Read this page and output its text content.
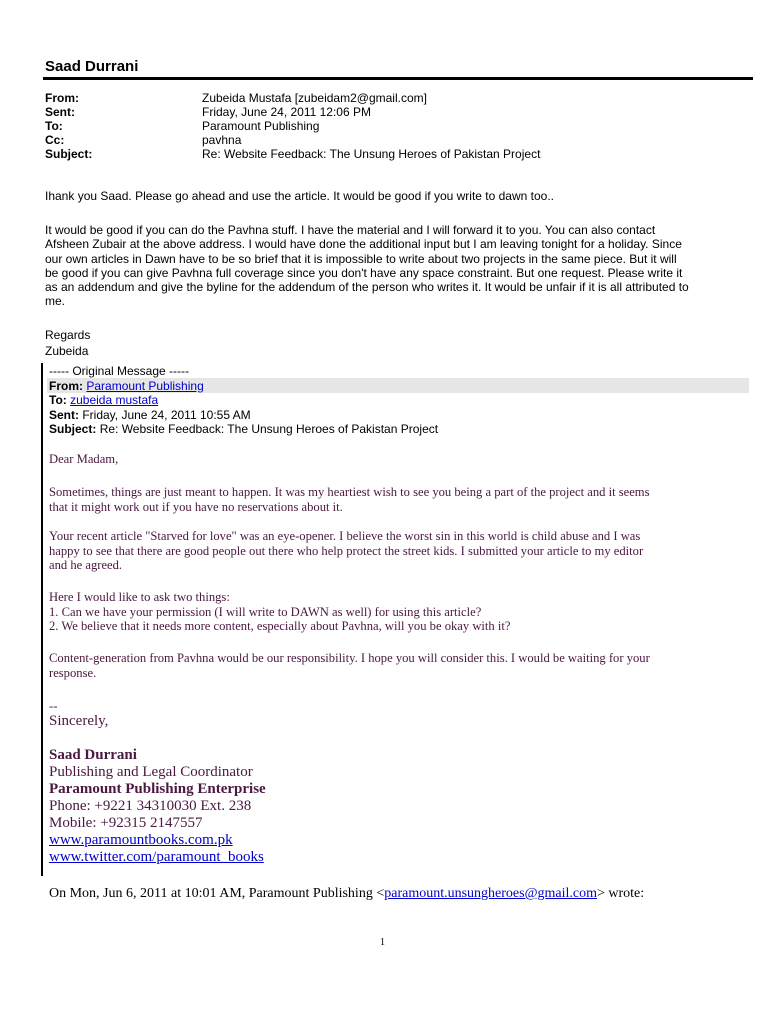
Saad Durrani
From:	Zubeida Mustafa [zubeidam2@gmail.com]
Sent:	Friday, June 24, 2011 12:06 PM
To:	Paramount Publishing
Cc:	pavhna
Subject:	Re: Website Feedback: The Unsung Heroes of Pakistan Project
Ihank you Saad. Please go ahead and use the article. It would be good if you write to dawn too..
It would be good if you can do the Pavhna stuff. I have the material and I will forward it to you. You can also contact
Afsheen Zubair at the above address. I would have done the additional input but I am leaving tonight for a holiday. Since
our own articles in Dawn have to be so brief that it is impossible to write about two projects in the same piece. But it will
be good if you can give Pavhna full coverage since you don't have any space constraint. But one request. Please write it
as an addendum and give the byline for the addendum of the person who writes it. It would be unfair if it is all attributed to
me.
Regards
Zubeida
----- Original Message -----
From: Paramount Publishing
To: zubeida mustafa
Sent: Friday, June 24, 2011 10:55 AM
Subject: Re: Website Feedback: The Unsung Heroes of Pakistan Project
Dear Madam,
Sometimes, things are just meant to happen. It was my heartiest wish to see you being a part of the project and it seems
that it might work out if you have no reservations about it.
Your recent article "Starved for love" was an eye-opener. I believe the worst sin in this world is child abuse and I was
happy to see that there are good people out there who help protect the street kids. I submitted your article to my editor
and he agreed.
Here I would like to ask two things:
1. Can we have your permission (I will write to DAWN as well) for using this article?
2. We believe that it needs more content, especially about Pavhna, will you be okay with it?
Content-generation from Pavhna would be our responsibility. I hope you will consider this. I would be waiting for your
response.
--
Sincerely,
Saad Durrani
Publishing and Legal Coordinator
Paramount Publishing Enterprise
Phone: +9221 34310030 Ext. 238
Mobile: +92315 2147557
www.paramountbooks.com.pk
www.twitter.com/paramount_books
On Mon, Jun 6, 2011 at 10:01 AM, Paramount Publishing <paramount.unsungheroes@gmail.com> wrote:
1
